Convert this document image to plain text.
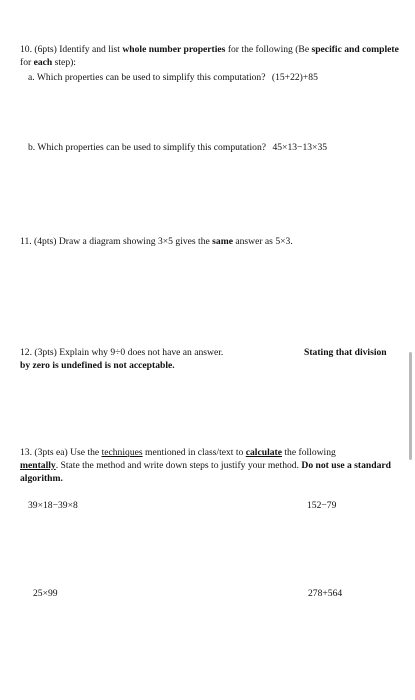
10. (6pts) Identify and list whole number properties for the following (Be specific and complete
for each step):
a. Which properties can be used to simplify this computation? (15+22)+85
b. Which properties can be used to simplify this computation? 45×13−13×35
11. (4pts) Draw a diagram showing 3×5 gives the same answer as 5×3.
12. (3pts) Explain why 9÷0 does not have an answer.	Stating that division by zero is undefined is not acceptable.
13. (3pts ea) Use the techniques mentioned in class/text to calculate the following
mentally. State the method and write down steps to justify your method. Do not use a standard algorithm.
39×18−39×8	152−79
25×99	278+564
